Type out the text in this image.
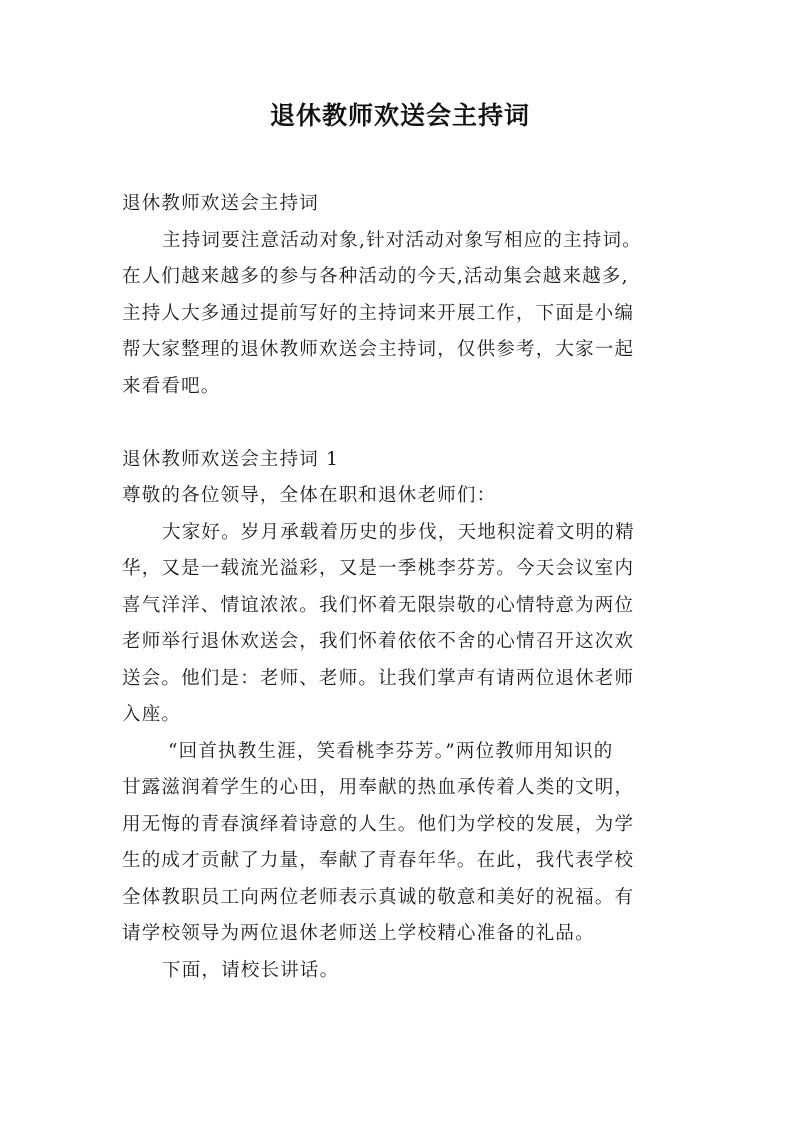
退休教师欢送会主持词
退休教师欢送会主持词
主持词要注意活动对象,针对活动对象写相应的主持词。
在人们越来越多的参与各种活动的今天,活动集会越来越多,
主持人大多通过提前写好的主持词来开展工作，下面是小编
帮大家整理的退休教师欢送会主持词，仅供参考，大家一起
来看看吧。
退休教师欢送会主持词 1
尊敬的各位领导，全体在职和退休老师们：
大家好。岁月承载着历史的步伐，天地积淀着文明的精
华，又是一载流光溢彩，又是一季桃李芬芳。今天会议室内
喜气洋洋、情谊浓浓。我们怀着无限崇敬的心情特意为两位
老师举行退休欢送会，我们怀着依依不舍的心情召开这次欢
送会。他们是：老师、老师。让我们掌声有请两位退休老师
入座。
“回首执教生涯，笑看桃李芬芳。”两位教师用知识的
甘露滋润着学生的心田，用奉献的热血承传着人类的文明，
用无悔的青春演绎着诗意的人生。他们为学校的发展，为学
生的成才贡献了力量，奉献了青春年华。在此，我代表学校
全体教职员工向两位老师表示真诚的敬意和美好的祝福。有
请学校领导为两位退休老师送上学校精心准备的礼品。
下面，请校长讲话。
